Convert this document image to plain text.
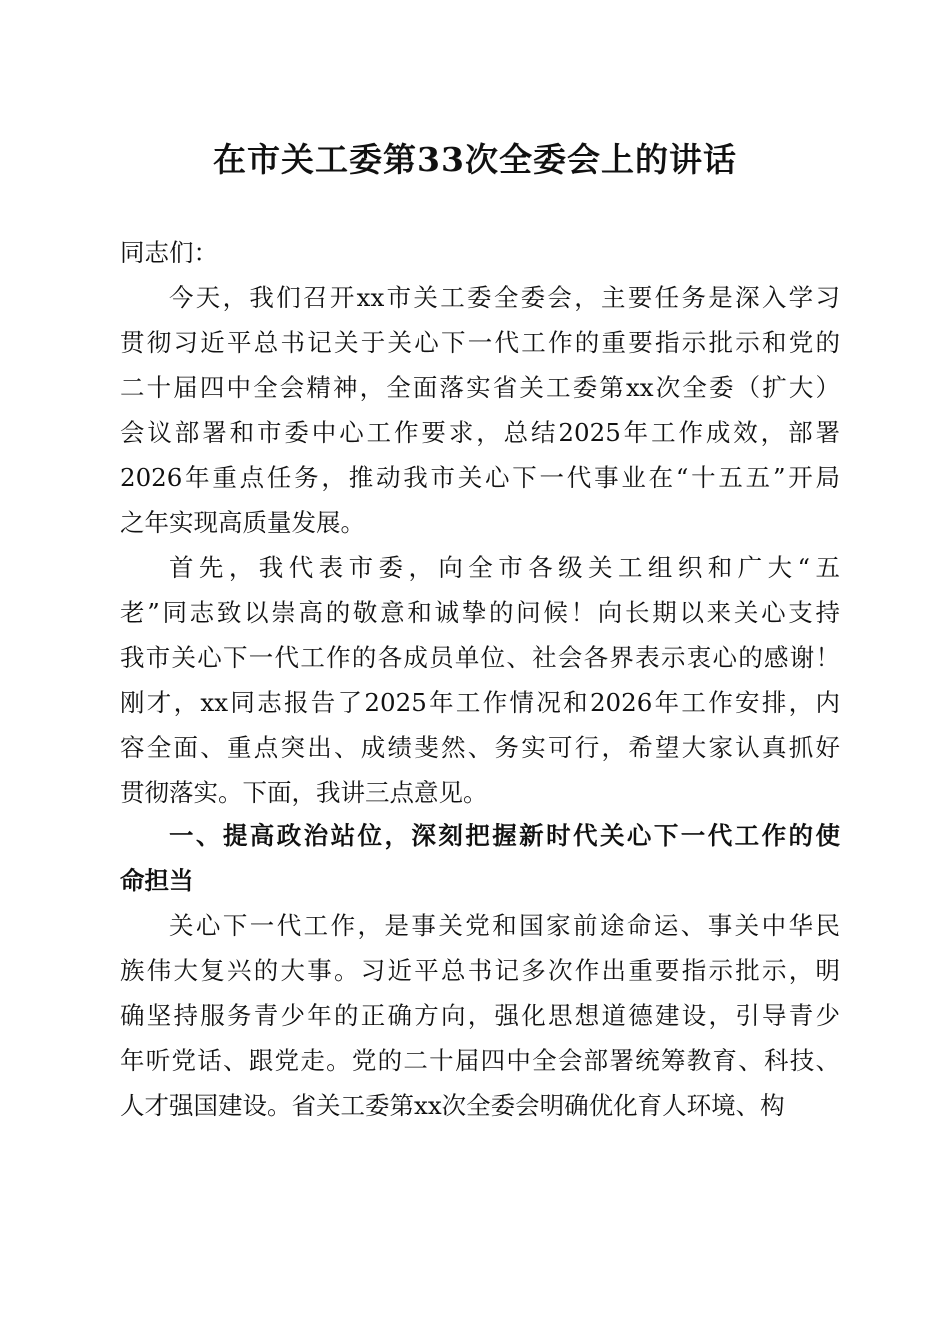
在市关工委第33次全委会上的讲话
同志们：
今天，我们召开xx市关工委全委会，主要任务是深入学习
贯彻习近平总书记关于关心下一代工作的重要指示批示和党的
二十届四中全会精神，全面落实省关工委第xx次全委（扩大）
会议部署和市委中心工作要求，总结2025年工作成效，部署
2026年重点任务，推动我市关心下一代事业在“十五五”开局
之年实现高质量发展。
首先，我代表市委，向全市各级关工组织和广大“五
老”同志致以崇高的敬意和诚挚的问候！向长期以来关心支持
我市关心下一代工作的各成员单位、社会各界表示衷心的感谢！
刚才，xx同志报告了2025年工作情况和2026年工作安排，内
容全面、重点突出、成绩斐然、务实可行，希望大家认真抓好
贯彻落实。下面，我讲三点意见。
一、提高政治站位，深刻把握新时代关心下一代工作的使
命担当
关心下一代工作，是事关党和国家前途命运、事关中华民
族伟大复兴的大事。习近平总书记多次作出重要指示批示，明
确坚持服务青少年的正确方向，强化思想道德建设，引导青少
年听党话、跟党走。党的二十届四中全会部署统筹教育、科技、
人才强国建设。省关工委第xx次全委会明确优化育人环境、构
